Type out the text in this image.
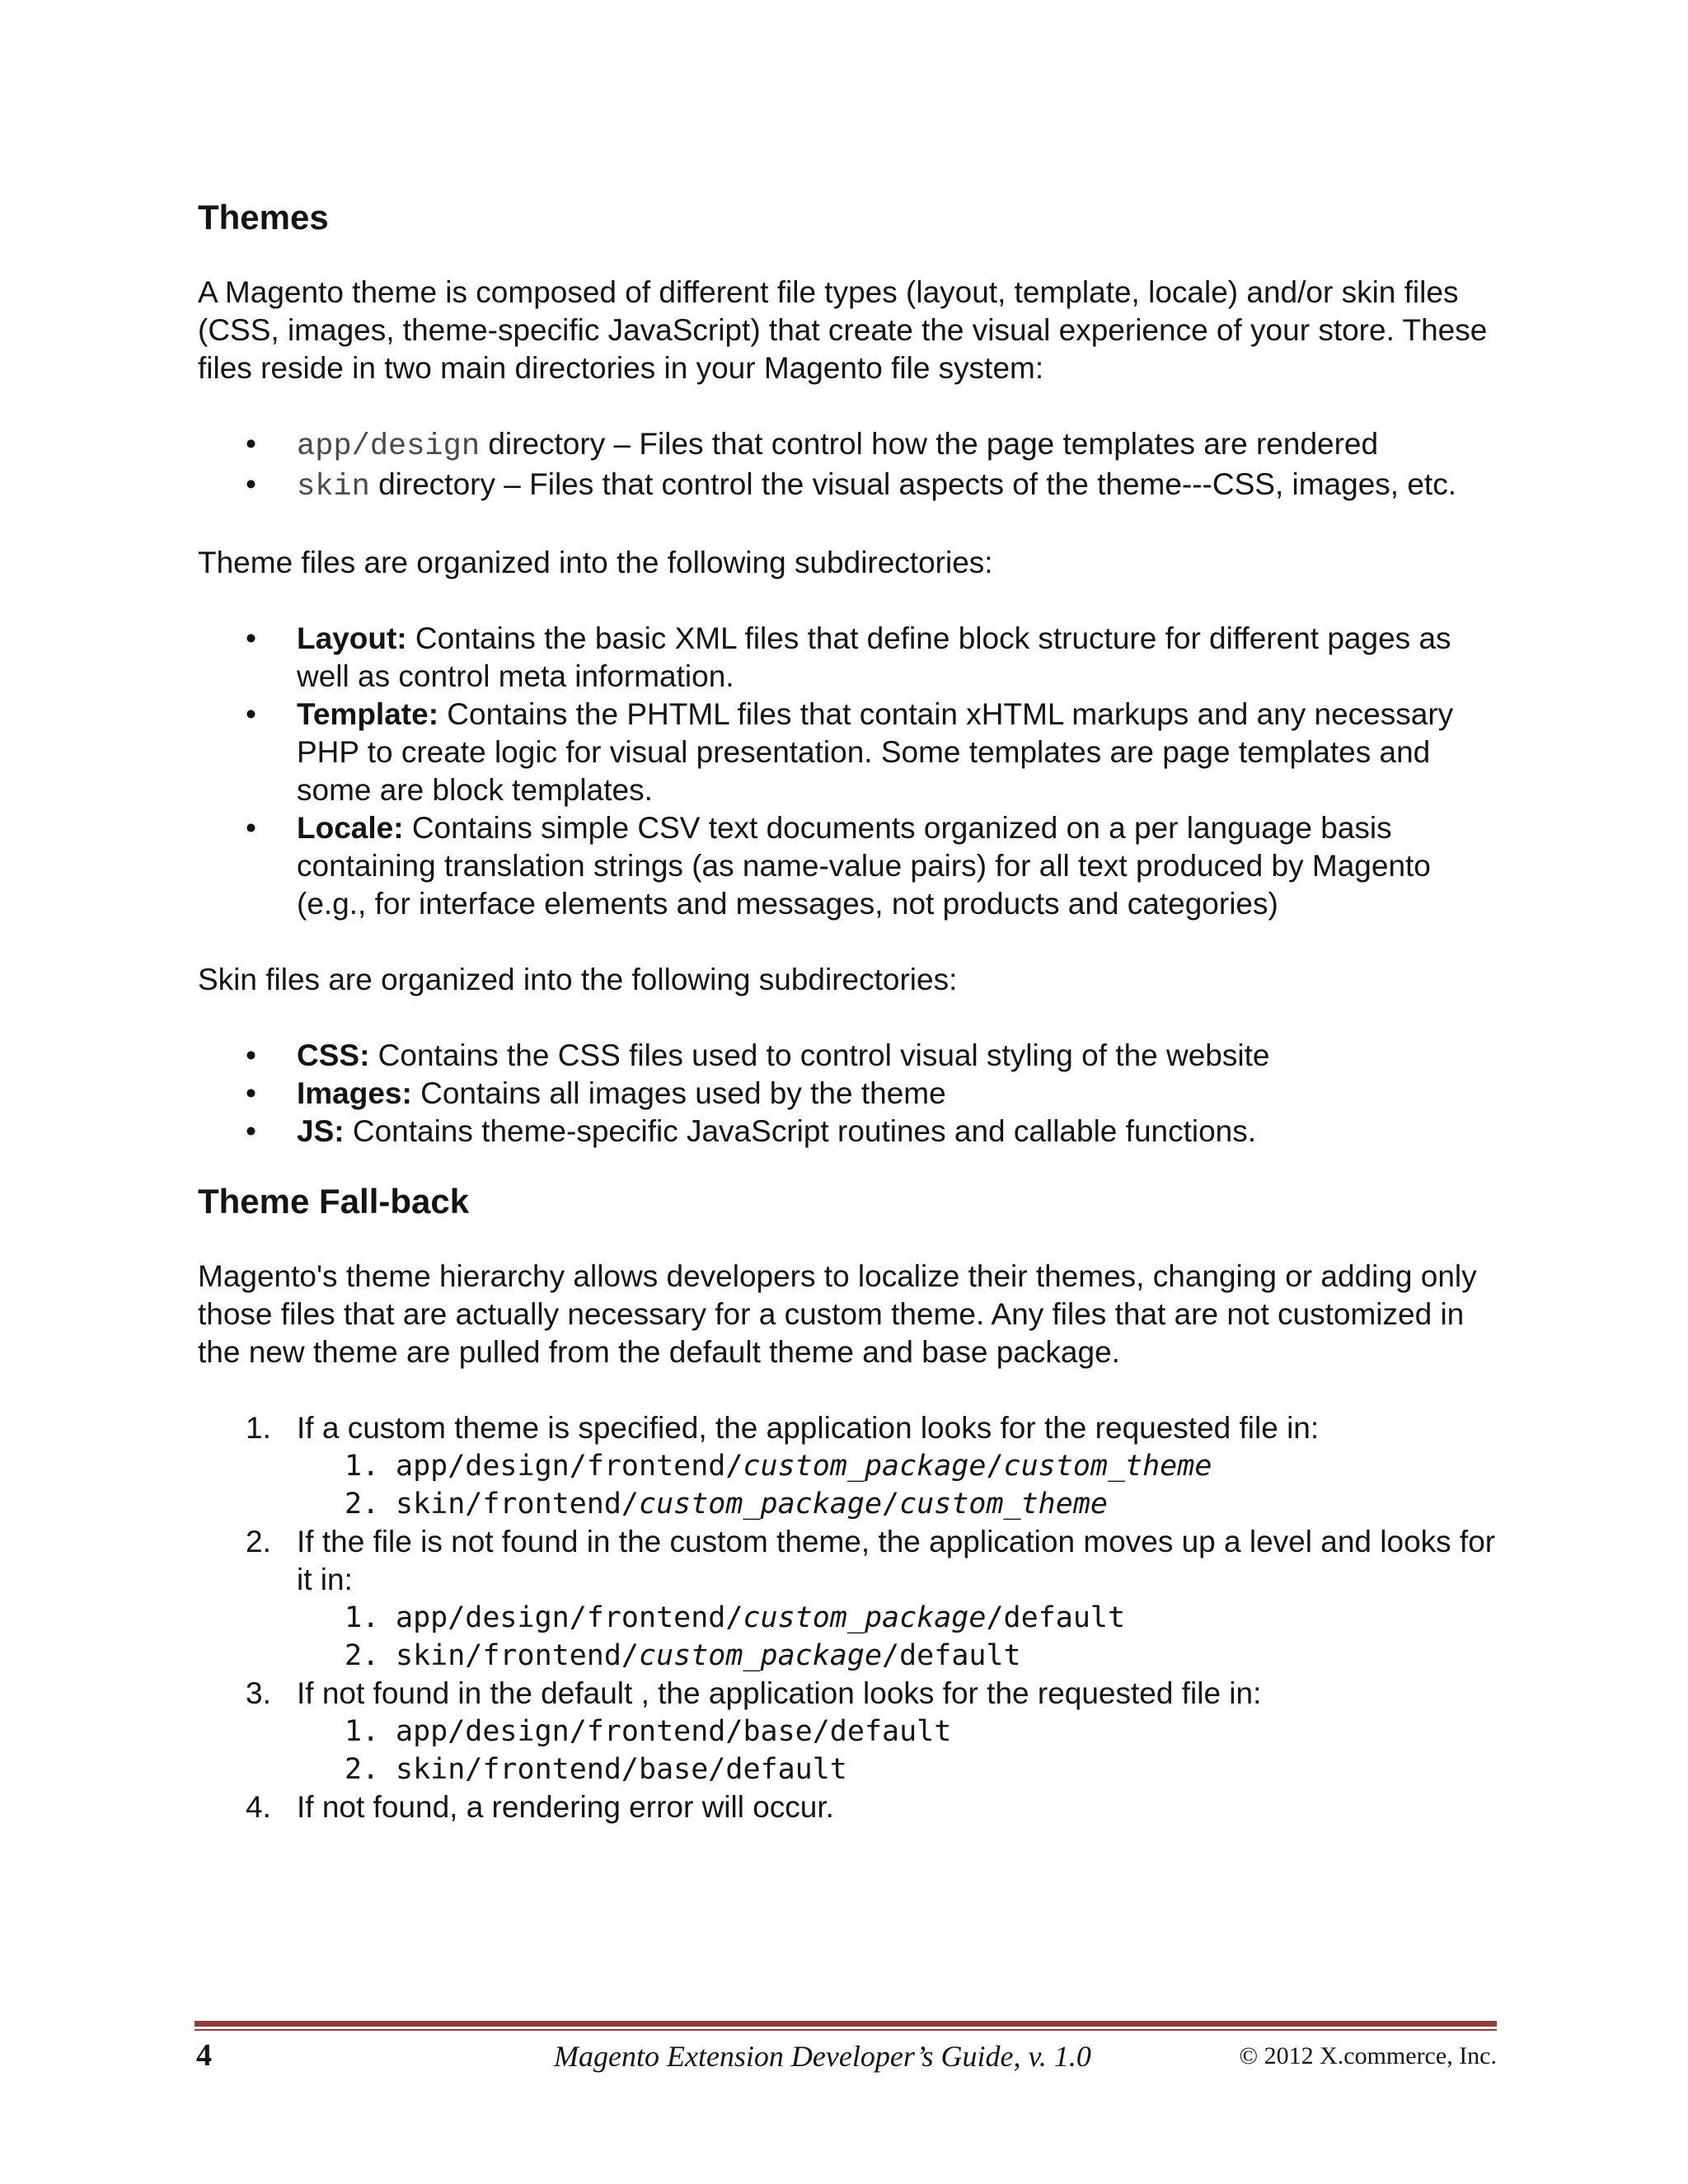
Themes

A Magento theme is composed of different file types (layout, template, locale) and/or skin files (CSS, images, theme-specific JavaScript) that create the visual experience of your store. These files reside in two main directories in your Magento file system:

• app/design directory – Files that control how the page templates are rendered
• skin directory – Files that control the visual aspects of the theme---CSS, images, etc.

Theme files are organized into the following subdirectories:

• Layout: Contains the basic XML files that define block structure for different pages as well as control meta information.
• Template: Contains the PHTML files that contain xHTML markups and any necessary PHP to create logic for visual presentation. Some templates are page templates and some are block templates.
• Locale: Contains simple CSV text documents organized on a per language basis containing translation strings (as name-value pairs) for all text produced by Magento (e.g., for interface elements and messages, not products and categories)

Skin files are organized into the following subdirectories:

• CSS: Contains the CSS files used to control visual styling of the website
• Images: Contains all images used by the theme
• JS: Contains theme-specific JavaScript routines and callable functions.
Theme Fall-back

Magento's theme hierarchy allows developers to localize their themes, changing or adding only those files that are actually necessary for a custom theme. Any files that are not customized in the new theme are pulled from the default theme and base package.

1. If a custom theme is specified, the application looks for the requested file in:
1. app/design/frontend/custom_package/custom_theme
2. skin/frontend/custom_package/custom_theme
2. If the file is not found in the custom theme, the application moves up a level and looks for it in:
1. app/design/frontend/custom_package/default
2. skin/frontend/custom_package/default
3. If not found in the default , the application looks for the requested file in:
1. app/design/frontend/base/default
2. skin/frontend/base/default
4. If not found, a rendering error will occur.
4	Magento Extension Developer’s Guide, v. 1.0	© 2012 X.commerce, Inc.
